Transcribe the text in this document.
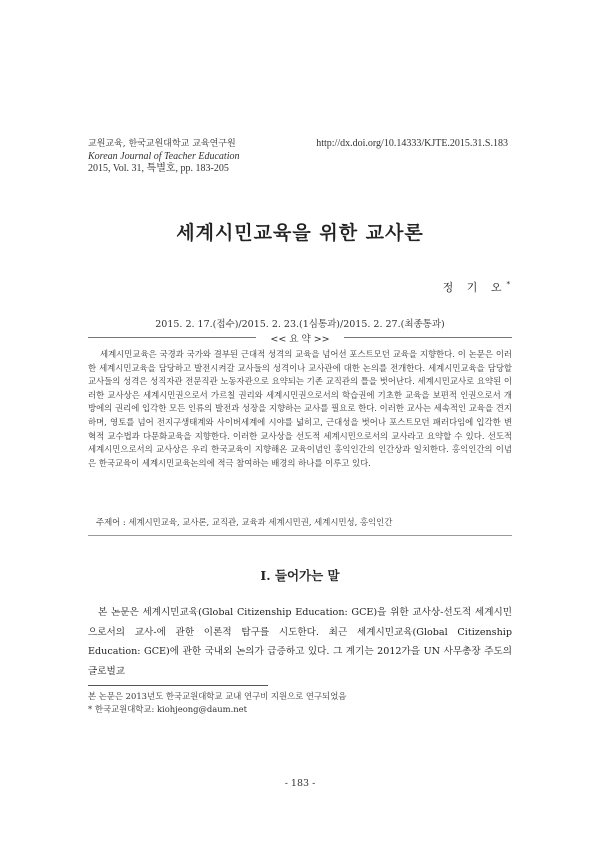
교원교육, 한국교원대학교 교육연구원
Korean Journal of Teacher Education
2015, Vol. 31, 특별호, pp. 183-205
http://dx.doi.org/10.14333/KJTE.2015.31.S.183
세계시민교육을 위한 교사론
정 기 오*
2015. 2. 17.(접수)/2015. 2. 23.(1심통과)/2015. 2. 27.(최종통과)
<< 요 약 >>

세계시민교육은 국경과 국가와 결부된 근대적 성격의 교육을 넘어선 포스트모던 교육을 지향한다. 이 논문은 이러한 세계시민교육을 담당하고 발전시켜갈 교사들의 성격이나 교사관에 대한 논의를 전개한다. 세계시민교육을 담당할 교사들의 성격은 성직자관 전문직관 노동자관으로 요약되는 기존 교직관의 틀을 벗어난다. 세계시민교사로 요약된 이러한 교사상은 세계시민권으로서 가르칠 권리와 세계시민권으로서의 학습권에 기초한 교육을 보편적 인권으로서 개방에의 권리에 입각한 모든 인류의 발전과 성장을 지향하는 교사를 필요로 한다. 이러한 교사는 세속적인 교육을 견지하며, 영토를 넘어 전지구생태계와 사이버세계에 시야를 넓히고, 근대성을 벗어나 포스트모던 패러다임에 입각한 변혁적 교수법과 다문화교육을 지향한다. 이러한 교사상을 선도적 세계시민으로서의 교사라고 요약할 수 있다. 선도적 세계시민으로서의 교사상은 우리 한국교육이 지향해온 교육이념인 홍익인간의 인간상과 일치한다. 홍익인간의 이념은 한국교육이 세계시민교육논의에 적극 참여하는 배경의 하나를 이루고 있다.

주제어 : 세계시민교육, 교사론, 교직관, 교육과 세계시민권, 세계시민성, 홍익인간
Ⅰ. 들어가는 말

본 논문은 세계시민교육(Global Citizenship Education: GCE)을 위한 교사상-선도적 세계시민으로서의 교사-에 관한 이론적 탐구를 시도한다. 최근 세계시민교육(Global Citizenship Education: GCE)에 관한 국내외 논의가 급증하고 있다. 그 계기는 2012가을 UN 사무총장 주도의 글로벌교

본 논문은 2013년도 한국교원대학교 교내 연구비 지원으로 연구되었음
* 한국교원대학교: kiohjeong@daum.net
- 183 -
